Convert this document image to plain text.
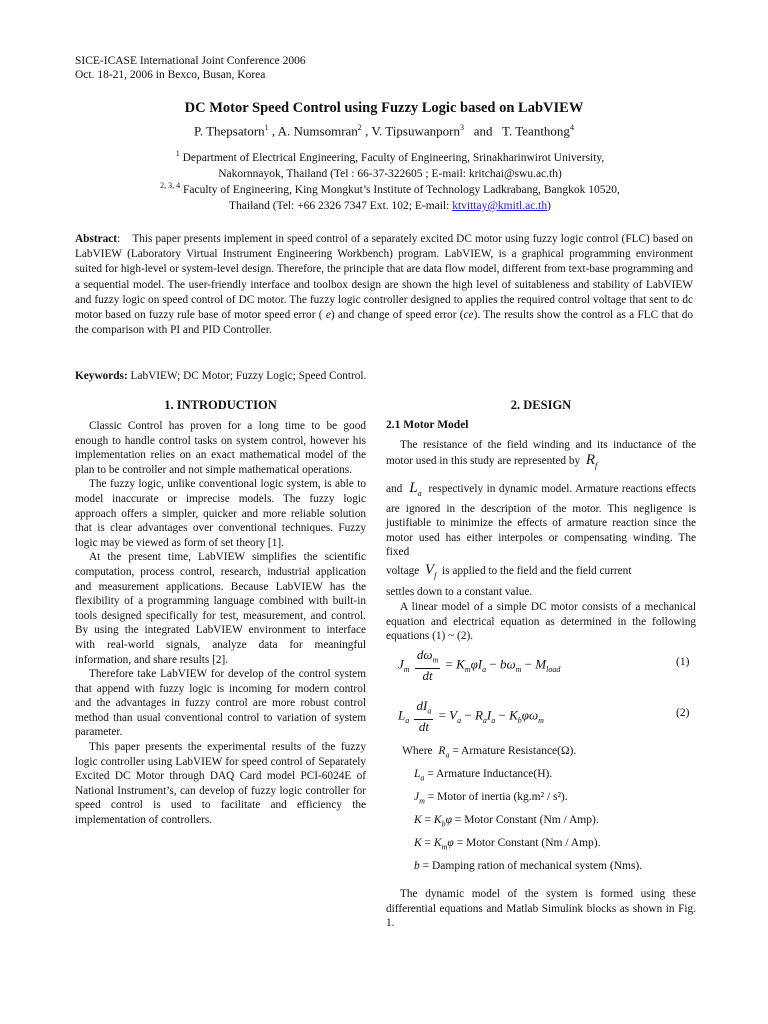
SICE-ICASE International Joint Conference 2006
Oct. 18-21, 2006 in Bexco, Busan, Korea
DC Motor Speed Control using Fuzzy Logic based on LabVIEW
P. Thepsatorn$^1$ , A. Numsomran$^2$ , V. Tipsuwanporn$^3$ and T. Teanthong$^4$
$^1$ Department of Electrical Engineering, Faculty of Engineering, Srinakharinwirot University,
Nakornnayok, Thailand (Tel : 66-37-322605 ; E-mail: kritchai@swu.ac.th)
$^{2, 3, 4}$ Faculty of Engineering, King Mongkut’s Institute of Technology Ladkrabang, Bangkok 10520,
Thailand (Tel: +66 2326 7347 Ext. 102; E-mail: ktvittay@kmitl.ac.th)
Abstract:    This paper presents implement in speed control of a separately excited DC motor using fuzzy logic control (FLC) based on LabVIEW (Laboratory Virtual Instrument Engineering Workbench) program. LabVIEW, is a graphical programming environment suited for high-level or system-level design. Therefore, the principle that are data flow model, different from text-base programming and a sequential model. The user-friendly interface and toolbox design are shown the high level of suitableness and stability of LabVIEW and fuzzy logic on speed control of DC motor. The fuzzy logic controller designed to applies the required control voltage that sent to dc motor based on fuzzy rule base of motor speed error ( e) and change of speed error (ce). The results show the control as a FLC that do the comparison with PI and PID Controller.
Keywords: LabVIEW; DC Motor; Fuzzy Logic; Speed Control.
1. INTRODUCTION	2. DESIGN

Classic Control has proven for a long time to be good enough to handle control tasks on system control, however his implementation relies on an exact mathematical model of the plan to be controller and not simple mathematical operations.

The fuzzy logic, unlike conventional logic system, is able to model inaccurate or imprecise models. The fuzzy logic approach offers a simpler, quicker and more reliable solution that is clear advantages over conventional techniques. Fuzzy logic may be viewed as form of set theory [1].

At the present time, LabVIEW simplifies the scientific computation, process control, research, industrial application and measurement applications. Because LabVIEW has the flexibility of a programming language combined with built-in tools designed specifically for test, measurement, and control. By using the integrated LabVIEW environment to interface with real-world signals, analyze data for meaningful information, and share results [2].

Therefore take LabVIEW for develop of the control system that append with fuzzy logic is incoming for modern control and the advantages in fuzzy control are more robust control method than usual conventional control to variation of system parameter.

This paper presents the experimental results of the fuzzy logic controller using LabVIEW for speed control of Separately Excited DC Motor through DAQ Card model PCI-6024E of National Instrument’s, can develop of fuzzy logic controller for speed control is used to facilitate and efficiency the implementation of controllers.

2.1 Motor Model
The resistance of the field winding and its inductance of the motor used in this study are represented by $R_f$
and $L_a$ respectively in dynamic model. Armature reactions effects are ignored in the description of the motor. This negligence is justifiable to minimize the effects of armature reaction since the motor used has either interpoles or compensating winding. The fixed
voltage $V_f$ is applied to the field and the field current
settles down to a constant value.
A linear model of a simple DC motor consists of a mechanical equation and electrical equation as determined in the following equations (1) ~ (2).
$J_m \frac{d\omega_m}{dt} = K_m\varphi I_a - b\omega_m - M_{load}$
(1)
$L_a \frac{dI_a}{dt} = V_a - R_aI_a - K_b\varphi\omega_m$
(2)
Where $R_a$ = Armature Resistance(Ω).
$L_a$ = Armature Inductance(H).
$J_m$ = Motor of inertia (kg.m² / s²).
$K = K_b\varphi$ = Motor Constant (Nm / Amp).
$K = K_m\varphi$ = Motor Constant (Nm / Amp).
b = Damping ration of mechanical system (Nms).
The dynamic model of the system is formed using these differential equations and Matlab Simulink blocks as shown in Fig. 1.
